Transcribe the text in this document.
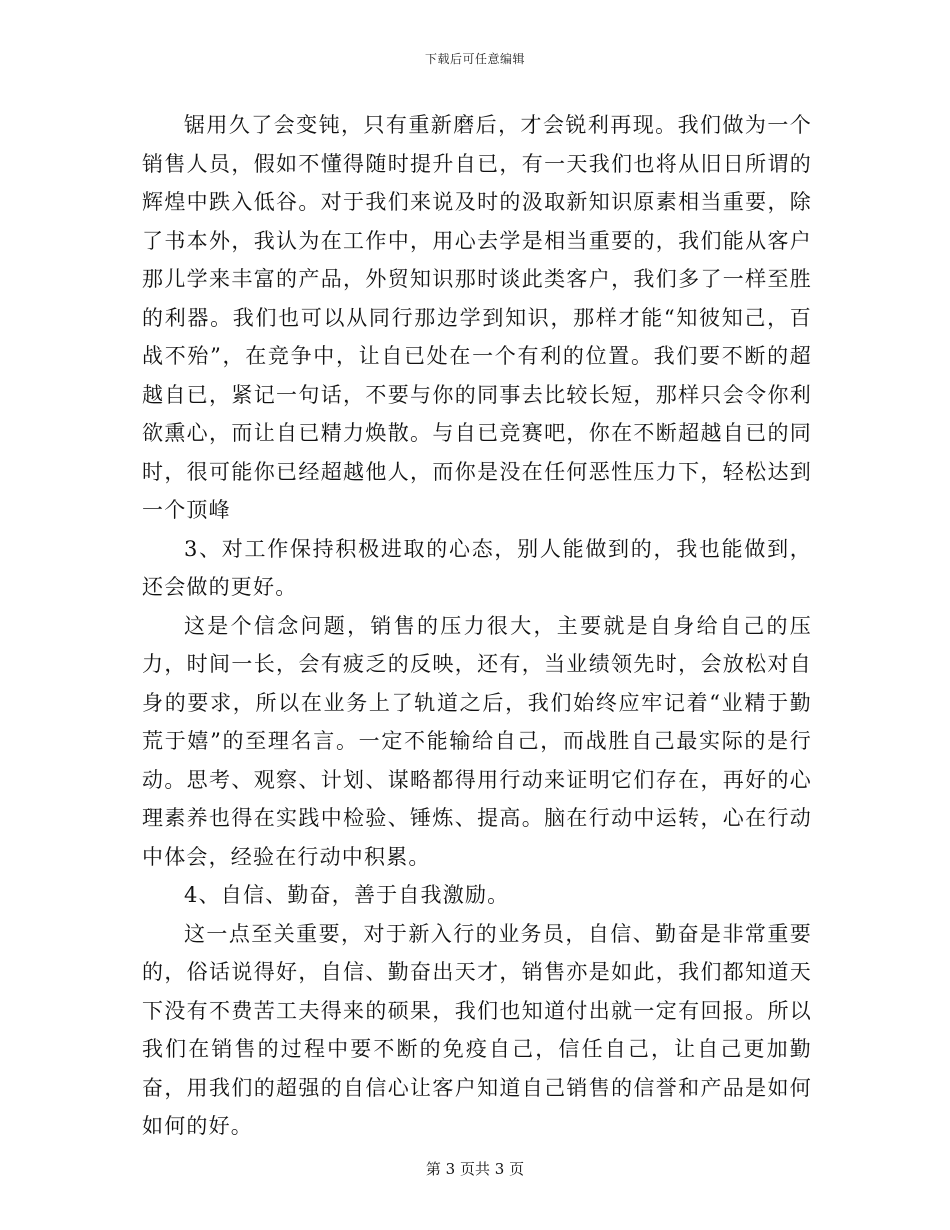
下载后可任意编辑

锯用久了会变钝，只有重新磨后，才会锐利再现。我们做为一个销售人员，假如不懂得随时提升自已，有一天我们也将从旧日所谓的辉煌中跌入低谷。对于我们来说及时的汲取新知识原素相当重要，除了书本外，我认为在工作中，用心去学是相当重要的，我们能从客户那儿学来丰富的产品，外贸知识那时谈此类客户，我们多了一样至胜的利器。我们也可以从同行那边学到知识，那样才能“知彼知己，百战不殆”，在竞争中，让自已处在一个有利的位置。我们要不断的超越自已，紧记一句话，不要与你的同事去比较长短，那样只会令你利欲熏心，而让自已精力焕散。与自已竞赛吧，你在不断超越自已的同时，很可能你已经超越他人，而你是没在任何恶性压力下，轻松达到一个顶峰

3、对工作保持积极进取的心态，别人能做到的，我也能做到，还会做的更好。

这是个信念问题，销售的压力很大，主要就是自身给自己的压力，时间一长，会有疲乏的反映，还有，当业绩领先时，会放松对自身的要求，所以在业务上了轨道之后，我们始终应牢记着“业精于勤荒于嬉”的至理名言。一定不能输给自己，而战胜自己最实际的是行动。思考、观察、计划、谋略都得用行动来证明它们存在，再好的心理素养也得在实践中检验、锤炼、提高。脑在行动中运转，心在行动中体会，经验在行动中积累。

4、自信、勤奋，善于自我激励。

这一点至关重要，对于新入行的业务员，自信、勤奋是非常重要的，俗话说得好，自信、勤奋出天才，销售亦是如此，我们都知道天下没有不费苦工夫得来的硕果，我们也知道付出就一定有回报。所以我们在销售的过程中要不断的免疫自己，信任自己，让自己更加勤奋，用我们的超强的自信心让客户知道自己销售的信誉和产品是如何如何的好。

第 3 页共 3 页
